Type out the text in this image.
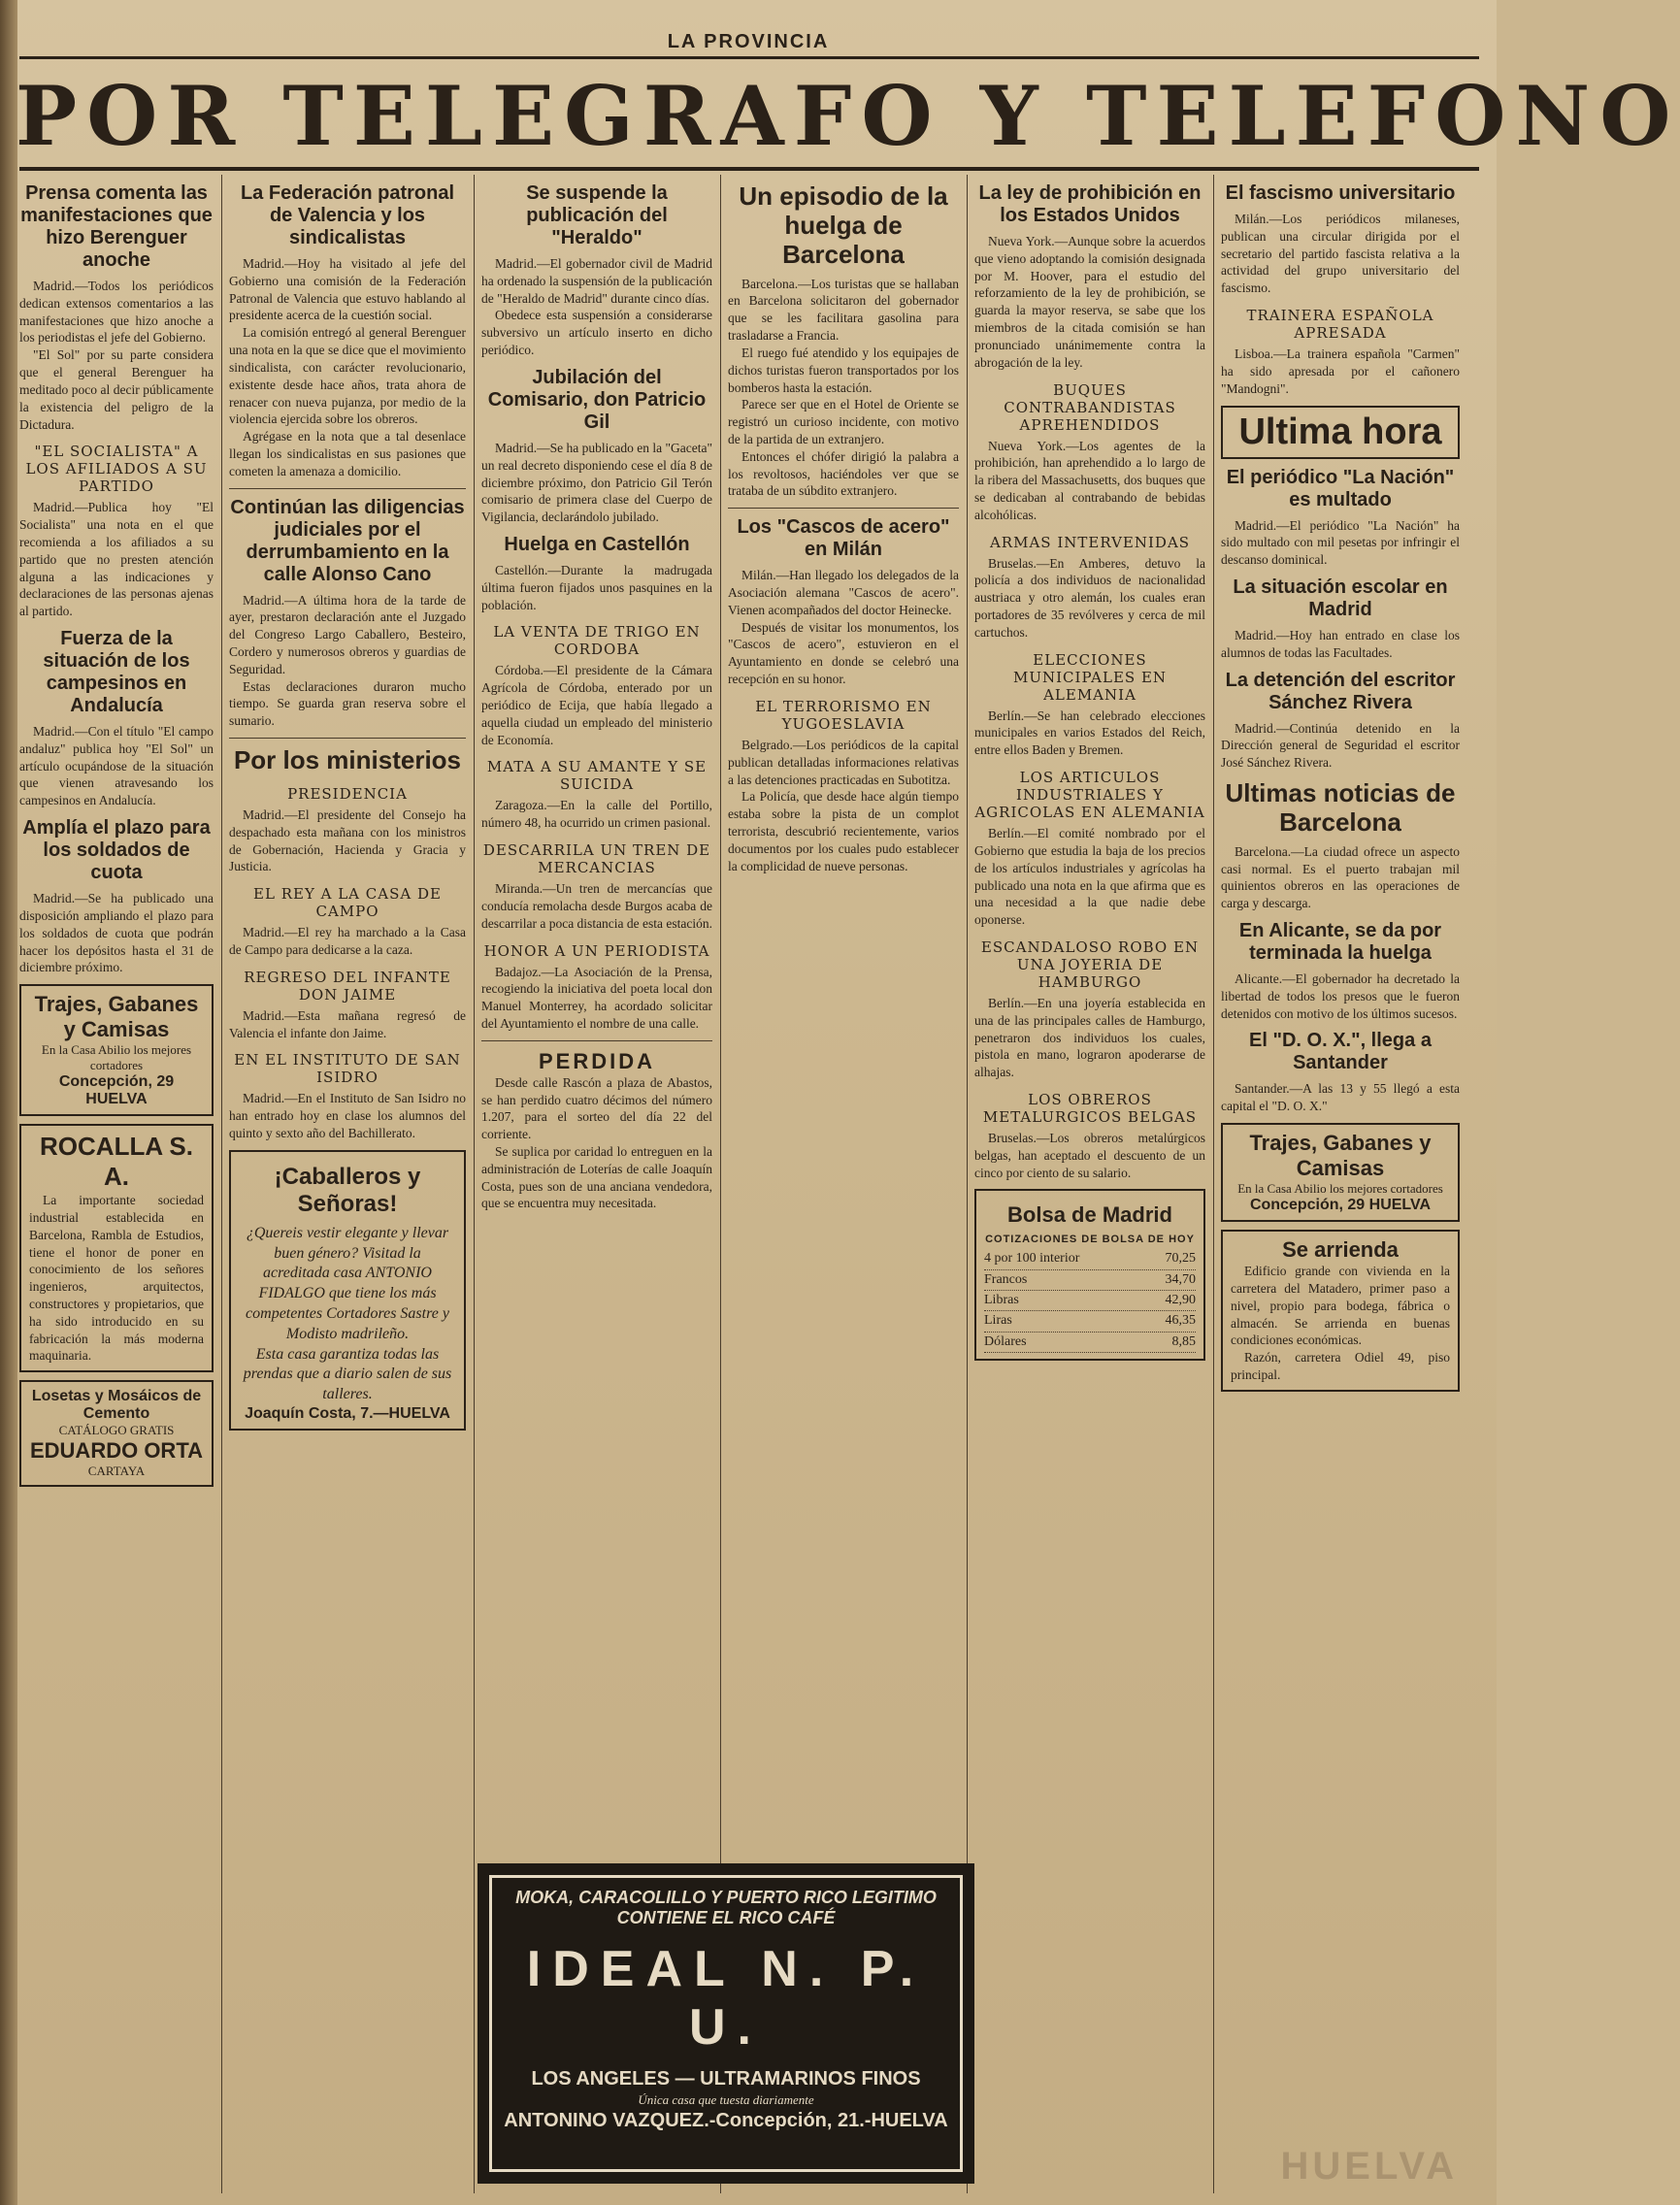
LA PROVINCIA
POR TELEGRAFO Y TELEFONO
Prensa comenta las manifestaciones que hizo Berenguer anoche

Madrid.—Todos los periódicos dedican extensos comentarios a las manifestaciones que hizo anoche a los periodistas el jefe del Gobierno.

"El Sol" por su parte considera que el general Berenguer ha meditado poco al decir públicamente la existencia del peligro de la Dictadura.

"EL SOCIALISTA" A LOS AFILIADOS A SU PARTIDO

Madrid.—Publica hoy "El Socialista" una nota en el que recomienda a los afiliados a su partido que no presten atención alguna a las indicaciones y declaraciones de las personas ajenas al partido.

Fuerza de la situación de los campesinos en Andalucía

Madrid.—Con el título "El campo andaluz" publica hoy "El Sol" un artículo ocupándose de la situación que vienen atravesando los campesinos en Andalucía.

Amplía el plazo para los soldados de cuota

Madrid.—Se ha publicado una disposición ampliando el plazo para los soldados de cuota que podrán hacer los depósitos hasta el 31 de diciembre próximo.

Trajes, Gabanes y Camisas
En la Casa Abilio los mejores cortadores
Concepción, 29 HUELVA
ROCALLA S. A.

La importante sociedad industrial establecida en Barcelona, Rambla de Estudios, tiene el honor de poner en conocimiento de los señores ingenieros, arquitectos, constructores y propietarios, que ha sido introducido en su fabricación la más moderna maquinaria.

Losetas y Mosáicos de Cemento
CATÁLOGO GRATIS
EDUARDO ORTA
CARTAYA
La Federación patronal de Valencia y los sindicalistas

Madrid.—Hoy ha visitado al jefe del Gobierno una comisión de la Federación Patronal de Valencia que estuvo hablando al presidente acerca de la cuestión social.

La comisión entregó al general Berenguer una nota en la que se dice que el movimiento sindicalista, con carácter revolucionario, existente desde hace años, trata ahora de renacer con nueva pujanza, por medio de la violencia ejercida sobre los obreros.

Agrégase en la nota que a tal desenlace llegan los sindicalistas en sus pasiones que cometen la amenaza a domicilio.

Continúan las diligencias judiciales por el derrumbamiento en la calle Alonso Cano

Madrid.—A última hora de la tarde de ayer, prestaron declaración ante el Juzgado del Congreso Largo Caballero, Besteiro, Cordero y numerosos obreros y guardias de Seguridad.

Estas declaraciones duraron mucho tiempo. Se guarda gran reserva sobre el sumario.

Por los ministerios
PRESIDENCIA

Madrid.—El presidente del Consejo ha despachado esta mañana con los ministros de Gobernación, Hacienda y Gracia y Justicia.

EL REY A LA CASA DE CAMPO

Madrid.—El rey ha marchado a la Casa de Campo para dedicarse a la caza.

REGRESO DEL INFANTE DON JAIME

Madrid.—Esta mañana regresó de Valencia el infante don Jaime.

EN EL INSTITUTO DE SAN ISIDRO

Madrid.—En el Instituto de San Isidro no han entrado hoy en clase los alumnos del quinto y sexto año del Bachillerato.

¡Caballeros y Señoras!
¿Quereis vestir elegante y llevar buen género? Visitad la acreditada casa ANTONIO FIDALGO que tiene los más competentes Cortadores Sastre y Modisto madrileño.
Esta casa garantiza todas las prendas que a diario salen de sus talleres.
Joaquín Costa, 7.—HUELVA
Se suspende la publicación del "Heraldo"

Madrid.—El gobernador civil de Madrid ha ordenado la suspensión de la publicación de "Heraldo de Madrid" durante cinco días.

Obedece esta suspensión a considerarse subversivo un artículo inserto en dicho periódico.

Jubilación del Comisario, don Patricio Gil

Madrid.—Se ha publicado en la "Gaceta" un real decreto disponiendo cese el día 8 de diciembre próximo, don Patricio Gil Terón comisario de primera clase del Cuerpo de Vigilancia, declarándolo jubilado.

Huelga en Castellón

Castellón.—Durante la madrugada última fueron fijados unos pasquines en la población.

LA VENTA DE TRIGO EN CORDOBA

Córdoba.—El presidente de la Cámara Agrícola de Córdoba, enterado por un periódico de Ecija, que había llegado a aquella ciudad un empleado del ministerio de Economía.

MATA A SU AMANTE Y SE SUICIDA

Zaragoza.—En la calle del Portillo, número 48, ha ocurrido un crimen pasional.

DESCARRILA UN TREN DE MERCANCIAS

Miranda.—Un tren de mercancías que conducía remolacha desde Burgos acaba de descarrilar a poca distancia de esta estación.

HONOR A UN PERIODISTA

Badajoz.—La Asociación de la Prensa, recogiendo la iniciativa del poeta local don Manuel Monterrey, ha acordado solicitar del Ayuntamiento el nombre de una calle.

PERDIDA

Desde calle Rascón a plaza de Abastos, se han perdido cuatro décimos del número 1.207, para el sorteo del día 22 del corriente.

Se suplica por caridad lo entreguen en la administración de Loterías de calle Joaquín Costa, pues son de una anciana vendedora, que se encuentra muy necesitada.

Un episodio de la huelga de Barcelona

Barcelona.—Los turistas que se hallaban en Barcelona solicitaron del gobernador que se les facilitara gasolina para trasladarse a Francia.

El ruego fué atendido y los equipajes de dichos turistas fueron transportados por los bomberos hasta la estación.

Parece ser que en el Hotel de Oriente se registró un curioso incidente, con motivo de la partida de un extranjero.

Entonces el chófer dirigió la palabra a los revoltosos, haciéndoles ver que se trataba de un súbdito extranjero.

Los "Cascos de acero" en Milán

Milán.—Han llegado los delegados de la Asociación alemana "Cascos de acero". Vienen acompañados del doctor Heinecke.

Después de visitar los monumentos, los "Cascos de acero", estuvieron en el Ayuntamiento en donde se celebró una recepción en su honor.

EL TERRORISMO EN YUGOESLAVIA

Belgrado.—Los periódicos de la capital publican detalladas informaciones relativas a las detenciones practicadas en Subotitza.

La Policía, que desde hace algún tiempo estaba sobre la pista de un complot terrorista, descubrió recientemente, varios documentos por los cuales pudo establecer la complicidad de nueve personas.

La ley de prohibición en los Estados Unidos

Nueva York.—Aunque sobre la acuerdos que vieno adoptando la comisión designada por M. Hoover, para el estudio del reforzamiento de la ley de prohibición, se guarda la mayor reserva, se sabe que los miembros de la citada comisión se han pronunciado unánimemente contra la abrogación de la ley.

BUQUES CONTRABANDISTAS APREHENDIDOS

Nueva York.—Los agentes de la prohibición, han aprehendido a lo largo de la ribera del Massachusetts, dos buques que se dedicaban al contrabando de bebidas alcohólicas.

ARMAS INTERVENIDAS

Bruselas.—En Amberes, detuvo la policía a dos individuos de nacionalidad austriaca y otro alemán, los cuales eran portadores de 35 revólveres y cerca de mil cartuchos.

ELECCIONES MUNICIPALES EN ALEMANIA

Berlín.—Se han celebrado elecciones municipales en varios Estados del Reich, entre ellos Baden y Bremen.

LOS ARTICULOS INDUSTRIALES Y AGRICOLAS EN ALEMANIA

Berlín.—El comité nombrado por el Gobierno que estudia la baja de los precios de los artículos industriales y agrícolas ha publicado una nota en la que afirma que es una necesidad a la que nadie debe oponerse.

ESCANDALOSO ROBO EN UNA JOYERIA DE HAMBURGO

Berlín.—En una joyería establecida en una de las principales calles de Hamburgo, penetraron dos individuos los cuales, pistola en mano, lograron apoderarse de alhajas.

LOS OBREROS METALURGICOS BELGAS

Bruselas.—Los obreros metalúrgicos belgas, han aceptado el descuento de un cinco por ciento de su salario.

Bolsa de Madrid
COTIZACIONES DE BOLSA DE HOY
4 por 100 interior	70,25
Francos	34,70
Libras	42,90
Liras	46,35
Dólares	8,85
El fascismo universitario

Milán.—Los periódicos milaneses, publican una circular dirigida por el secretario del partido fascista relativa a la actividad del grupo universitario del fascismo.

TRAINERA ESPAÑOLA APRESADA

Lisboa.—La trainera española "Carmen" ha sido apresada por el cañonero "Mandogni".

Ultima hora
El periódico "La Nación" es multado

Madrid.—El periódico "La Nación" ha sido multado con mil pesetas por infringir el descanso dominical.

La situación escolar en Madrid

Madrid.—Hoy han entrado en clase los alumnos de todas las Facultades.

La detención del escritor Sánchez Rivera

Madrid.—Continúa detenido en la Dirección general de Seguridad el escritor José Sánchez Rivera.

Ultimas noticias de Barcelona

Barcelona.—La ciudad ofrece un aspecto casi normal. Es el puerto trabajan mil quinientos obreros en las operaciones de carga y descarga.

En Alicante, se da por terminada la huelga

Alicante.—El gobernador ha decretado la libertad de todos los presos que le fueron detenidos con motivo de los últimos sucesos.

El "D. O. X.", llega a Santander

Santander.—A las 13 y 55 llegó a esta capital el "D. O. X."

Trajes, Gabanes y Camisas
En la Casa Abilio los mejores cortadores
Concepción, 29 HUELVA
Se arrienda

Edificio grande con vivienda en la carretera del Matadero, primer paso a nivel, propio para bodega, fábrica o almacén. Se arrienda en buenas condiciones económicas.

Razón, carretera Odiel 49, piso principal.

MOKA, CARACOLILLO Y PUERTO RICO LEGITIMO
CONTIENE EL RICO CAFÉ
IDEAL N. P. U.
LOS ANGELES — ULTRAMARINOS FINOS
Única casa que tuesta diariamente
ANTONINO VAZQUEZ.-Concepción, 21.-HUELVA
HUELVA
